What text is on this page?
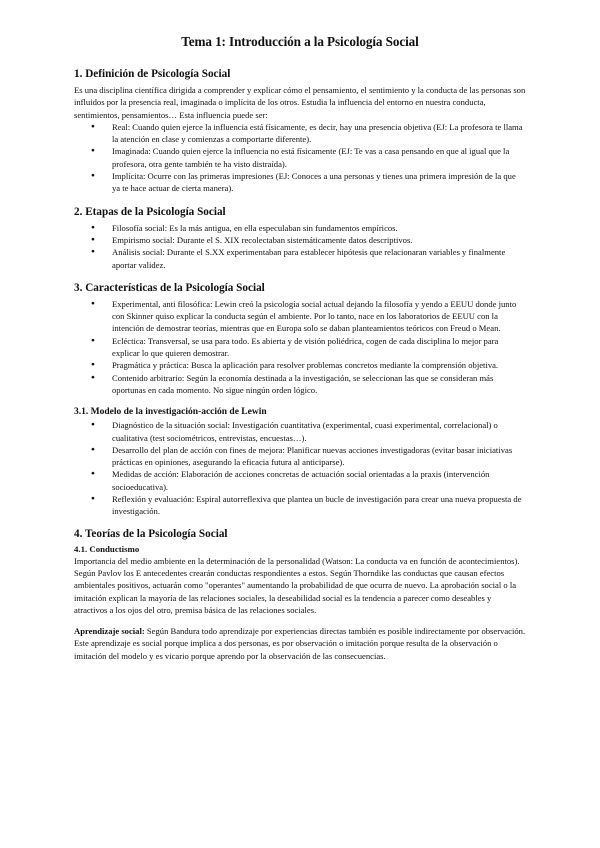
Tema 1: Introducción a la Psicología Social
1. Definición de Psicología Social

Es una disciplina científica dirigida a comprender y explicar cómo el pensamiento, el sentimiento y la conducta de las personas son influidos por la presencia real, imaginada o implícita de los otros. Estudia la influencia del entorno en nuestra conducta, sentimientos, pensamientos… Esta influencia puede ser:

● Real: Cuando quien ejerce la influencia está físicamente, es decir, hay una presencia objetiva (EJ: La profesora te llama la atención en clase y comienzas a comportarte diferente).
● Imaginada: Cuando quien ejerce la influencia no está físicamente (EJ: Te vas a casa pensando en que al igual que la profesora, otra gente también te ha visto distraída).
● Implícita: Ocurre con las primeras impresiones (EJ: Conoces a una personas y tienes una primera impresión de la que ya te hace actuar de cierta manera).
2. Etapas de la Psicología Social
● Filosofía social: Es la más antigua, en ella especulaban sin fundamentos empíricos.
● Empirismo social: Durante el S. XIX recolectaban sistemáticamente datos descriptivos.
● Análisis social: Durante el S.XX experimentaban para establecer hipótesis que relacionaran variables y finalmente aportar validez.
3. Características de la Psicología Social
● Experimental, anti filosófica: Lewin creó la psicología social actual dejando la filosofía y yendo a EEUU donde junto con Skinner quiso explicar la conducta según el ambiente. Por lo tanto, nace en los laboratorios de EEUU con la intención de demostrar teorías, mientras que en Europa solo se daban planteamientos teóricos con Freud o Mean.
● Ecléctica: Transversal, se usa para todo. Es abierta y de visión poliédrica, cogen de cada disciplina lo mejor para explicar lo que quieren demostrar.
● Pragmática y práctica: Busca la aplicación para resolver problemas concretos mediante la comprensión objetiva.
● Contenido arbitrario: Según la economía destinada a la investigación, se seleccionan las que se consideran más oportunas en cada momento. No sigue ningún orden lógico.
3.1. Modelo de la investigación-acción de Lewin
● Diagnóstico de la situación social: Investigación cuantitativa (experimental, cuasi experimental, correlacional) o cualitativa (test sociométricos, entrevistas, encuestas…).
● Desarrollo del plan de acción con fines de mejora: Planificar nuevas acciones investigadoras (evitar basar iniciativas prácticas en opiniones, asegurando la eficacia futura al anticiparse).
● Medidas de acción: Elaboración de acciones concretas de actuación social orientadas a la praxis (intervención socioeducativa).
● Reflexión y evaluación: Espiral autorreflexiva que plantea un bucle de investigación para crear una nueva propuesta de investigación.
4. Teorías de la Psicología Social
4.1. Conductismo

Importancia del medio ambiente en la determinación de la personalidad (Watson: La conducta va en función de acontecimientos). Según Pavlov los E antecedentes crearán conductas respondientes a estos. Según Thorndike las conductas que causan efectos ambientales positivos, actuarán como "operantes" aumentando la probabilidad de que ocurra de nuevo. La aprobación social o la imitación explican la mayoría de las relaciones sociales, la deseabilidad social es la tendencia a parecer como deseables y atractivos a los ojos del otro, premisa básica de las relaciones sociales.

Aprendizaje social: Según Bandura todo aprendizaje por experiencias directas también es posible indirectamente por observación. Este aprendizaje es social porque implica a dos personas, es por observación o imitación porque resulta de la observación o imitación del modelo y es vicario porque aprendo por la observación de las consecuencias.
